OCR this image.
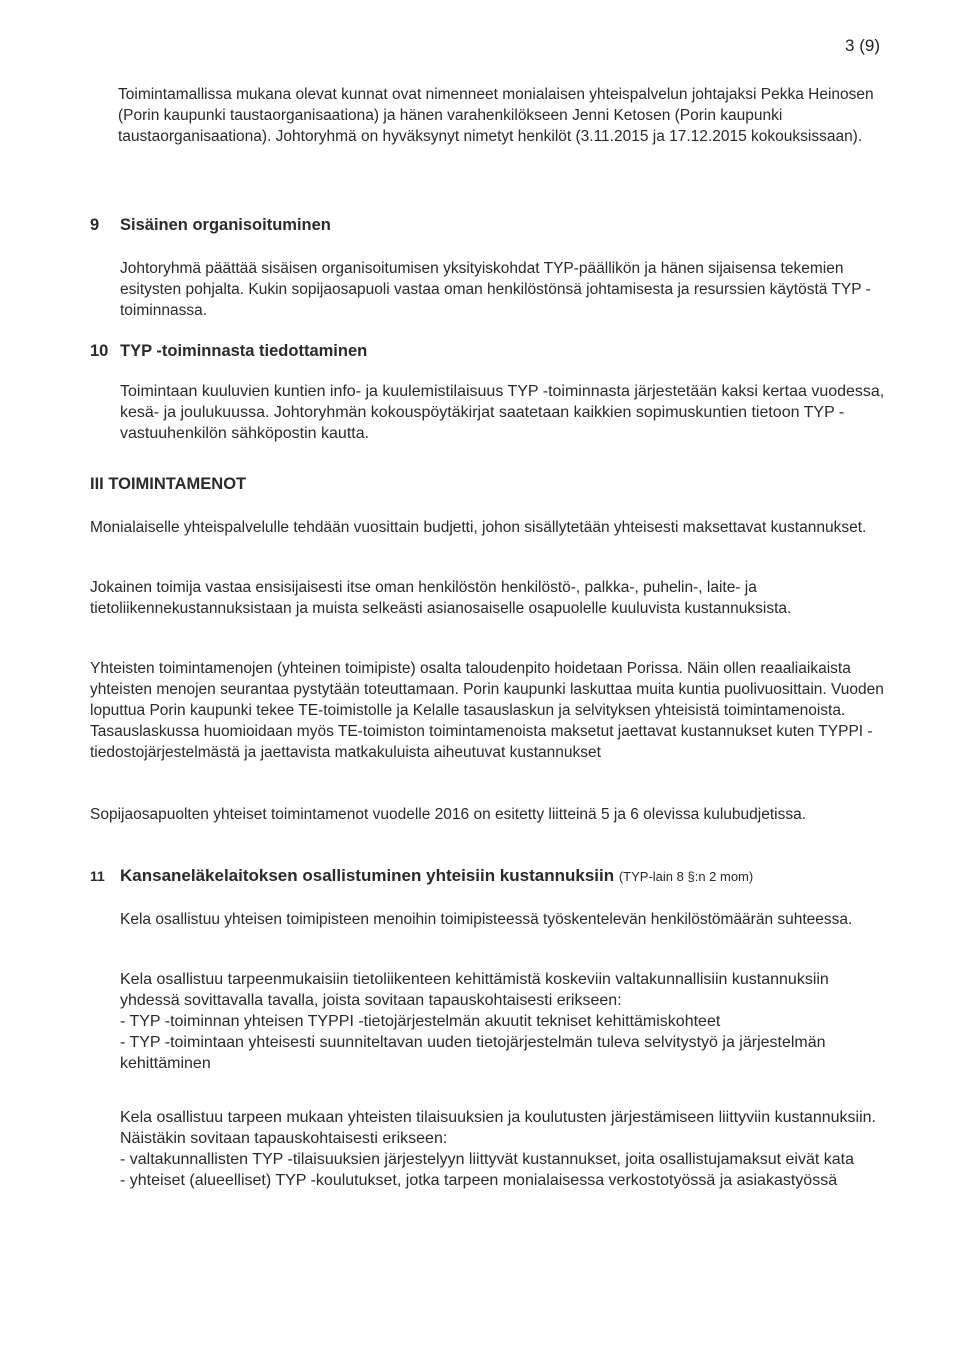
3 (9)

Toimintamallissa mukana olevat kunnat ovat nimenneet monialaisen yhteispalvelun johtajaksi Pekka Heinosen (Porin kaupunki taustaorganisaationa) ja hänen varahenkilökseen Jenni Ketosen (Porin kaupunki taustaorganisaationa). Johtoryhmä on hyväksynyt nimetyt henkilöt (3.11.2015 ja 17.12.2015 kokouksissaan).

9 Sisäinen organisoituminen

Johtoryhmä päättää sisäisen organisoitumisen yksityiskohdat TYP-päällikön ja hänen sijaisensa tekemien esitysten pohjalta. Kukin sopijaosapuoli vastaa oman henkilöstönsä johtamisesta ja resurssien käytöstä TYP -toiminnassa.

10 TYP -toiminnasta tiedottaminen

Toimintaan kuuluvien kuntien info- ja kuulemistilaisuus TYP -toiminnasta järjestetään kaksi kertaa vuodessa, kesä- ja joulukuussa. Johtoryhmän kokouspöytäkirjat saatetaan kaikkien sopimuskuntien tietoon TYP -vastuuhenkilön sähköpostin kautta.

III TOIMINTAMENOT

Monialaiselle yhteispalvelulle tehdään vuosittain budjetti, johon sisällytetään yhteisesti maksettavat kustannukset.

Jokainen toimija vastaa ensisijaisesti itse oman henkilöstön henkilöstö-, palkka-, puhelin-, laite- ja tietoliikennekustannuksistaan ja muista selkeästi asianosaiselle osapuolelle kuuluvista kustannuksista.

Yhteisten toimintamenojen (yhteinen toimipiste) osalta taloudenpito hoidetaan Porissa. Näin ollen reaaliaikaista yhteisten menojen seurantaa pystytään toteuttamaan. Porin kaupunki laskuttaa muita kuntia puolivuosittain. Vuoden loputtua Porin kaupunki tekee TE-toimistolle ja Kelalle tasauslaskun ja selvityksen yhteisistä toimintamenoista. Tasauslaskussa huomioidaan myös TE-toimiston toimintamenoista maksetut jaettavat kustannukset kuten TYPPI -tiedostojärjestelmästä ja jaettavista matkakuluista aiheutuvat kustannukset

Sopijaosapuolten yhteiset toimintamenot vuodelle 2016 on esitetty liitteinä 5 ja 6 olevissa kulubudjetissa.

11 Kansaneläkelaitoksen osallistuminen yhteisiin kustannuksiin (TYP-lain 8 §:n 2 mom)

Kela osallistuu yhteisen toimipisteen menoihin toimipisteessä työskentelevän henkilöstömäärän suhteessa.

Kela osallistuu tarpeenmukaisiin tietoliikenteen kehittämistä koskeviin valtakunnallisiin kustannuksiin yhdessä sovittavalla tavalla, joista sovitaan tapauskohtaisesti erikseen:

- TYP -toiminnan yhteisen TYPPI -tietojärjestelmän akuutit tekniset kehittämiskohteet
- TYP -toimintaan yhteisesti suunniteltavan uuden tietojärjestelmän tuleva selvitystyö ja järjestelmän kehittäminen

Kela osallistuu tarpeen mukaan yhteisten tilaisuuksien ja koulutusten järjestämiseen liittyviin kustannuksiin. Näistäkin sovitaan tapauskohtaisesti erikseen:

- valtakunnallisten TYP -tilaisuuksien järjestelyyn liittyvät kustannukset, joita osallistujamaksut eivät kata
- yhteiset (alueelliset) TYP -koulutukset, jotka tarpeen monialaisessa verkostotyössä ja asiakastyössä
